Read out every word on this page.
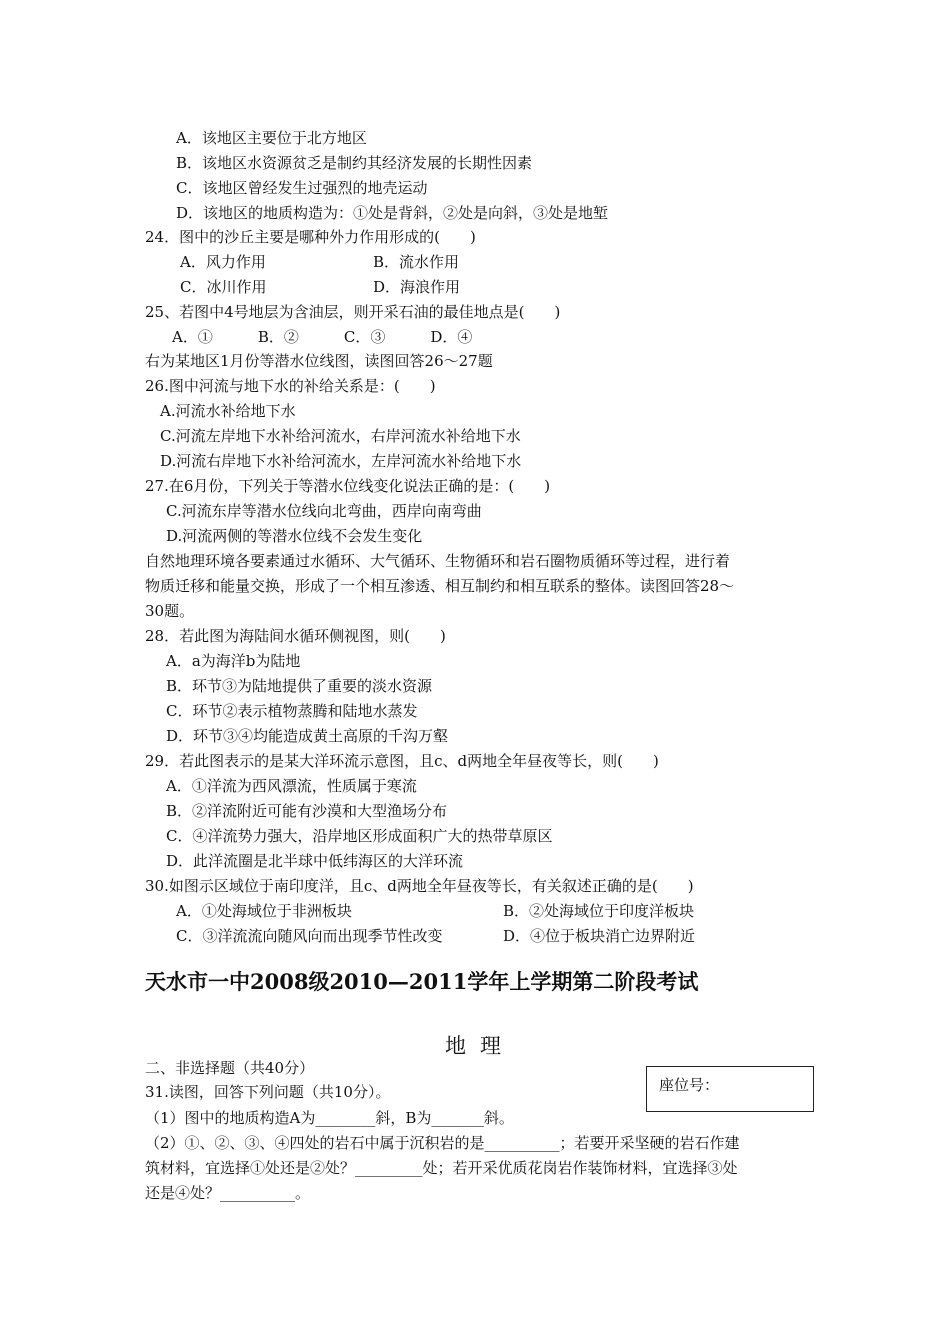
A．该地区主要位于北方地区
B．该地区水资源贫乏是制约其经济发展的长期性因素
C．该地区曾经发生过强烈的地壳运动
D．该地区的地质构造为：①处是背斜，②处是向斜，③处是地堑
24．图中的沙丘主要是哪种外力作用形成的(　　)
A．风力作用	B．流水作用
C．冰川作用	D．海浪作用
25、若图中4号地层为含油层，则开采石油的最佳地点是(　　)
A．①　　　B．②　　　C．③　　　D．④
右为某地区1月份等潜水位线图，读图回答26～27题
26.图中河流与地下水的补给关系是：(　　)
A.河流水补给地下水
C.河流左岸地下水补给河流水，右岸河流水补给地下水
D.河流右岸地下水补给河流水，左岸河流水补给地下水
27.在6月份，下列关于等潜水位线变化说法正确的是：(　　)
C.河流东岸等潜水位线向北弯曲，西岸向南弯曲
D.河流两侧的等潜水位线不会发生变化
自然地理环境各要素通过水循环、大气循环、生物循环和岩石圈物质循环等过程，进行着
物质迁移和能量交换，形成了一个相互渗透、相互制约和相互联系的整体。读图回答28～
30题。
28．若此图为海陆间水循环侧视图，则(　　)
A．a为海洋b为陆地
B．环节③为陆地提供了重要的淡水资源
C．环节②表示植物蒸腾和陆地水蒸发
D．环节③④均能造成黄土高原的千沟万壑
29．若此图表示的是某大洋环流示意图，且c、d两地全年昼夜等长，则(　　)
A．①洋流为西风漂流，性质属于寒流
B．②洋流附近可能有沙漠和大型渔场分布
C．④洋流势力强大，沿岸地区形成面积广大的热带草原区
D．此洋流圈是北半球中低纬海区的大洋环流
30.如图示区域位于南印度洋，且c、d两地全年昼夜等长，有关叙述正确的是(　　)
A．①处海域位于非洲板块	B．②处海域位于印度洋板块
C．③洋流流向随风向而出现季节性改变	D．④位于板块消亡边界附近
天水市一中2008级2010—2011学年上学期第二阶段考试
地理
二、非选择题（共40分）
座位号：
31.读图，回答下列问题（共10分）。
（1）图中的地质构造A为________斜，B为_______斜。
（2）①、②、③、④四处的岩石中属于沉积岩的是__________；若要开采坚硬的岩石作建
筑材料，宜选择①处还是②处？_________处；若开采优质花岗岩作装饰材料，宜选择③处
还是④处？__________。
